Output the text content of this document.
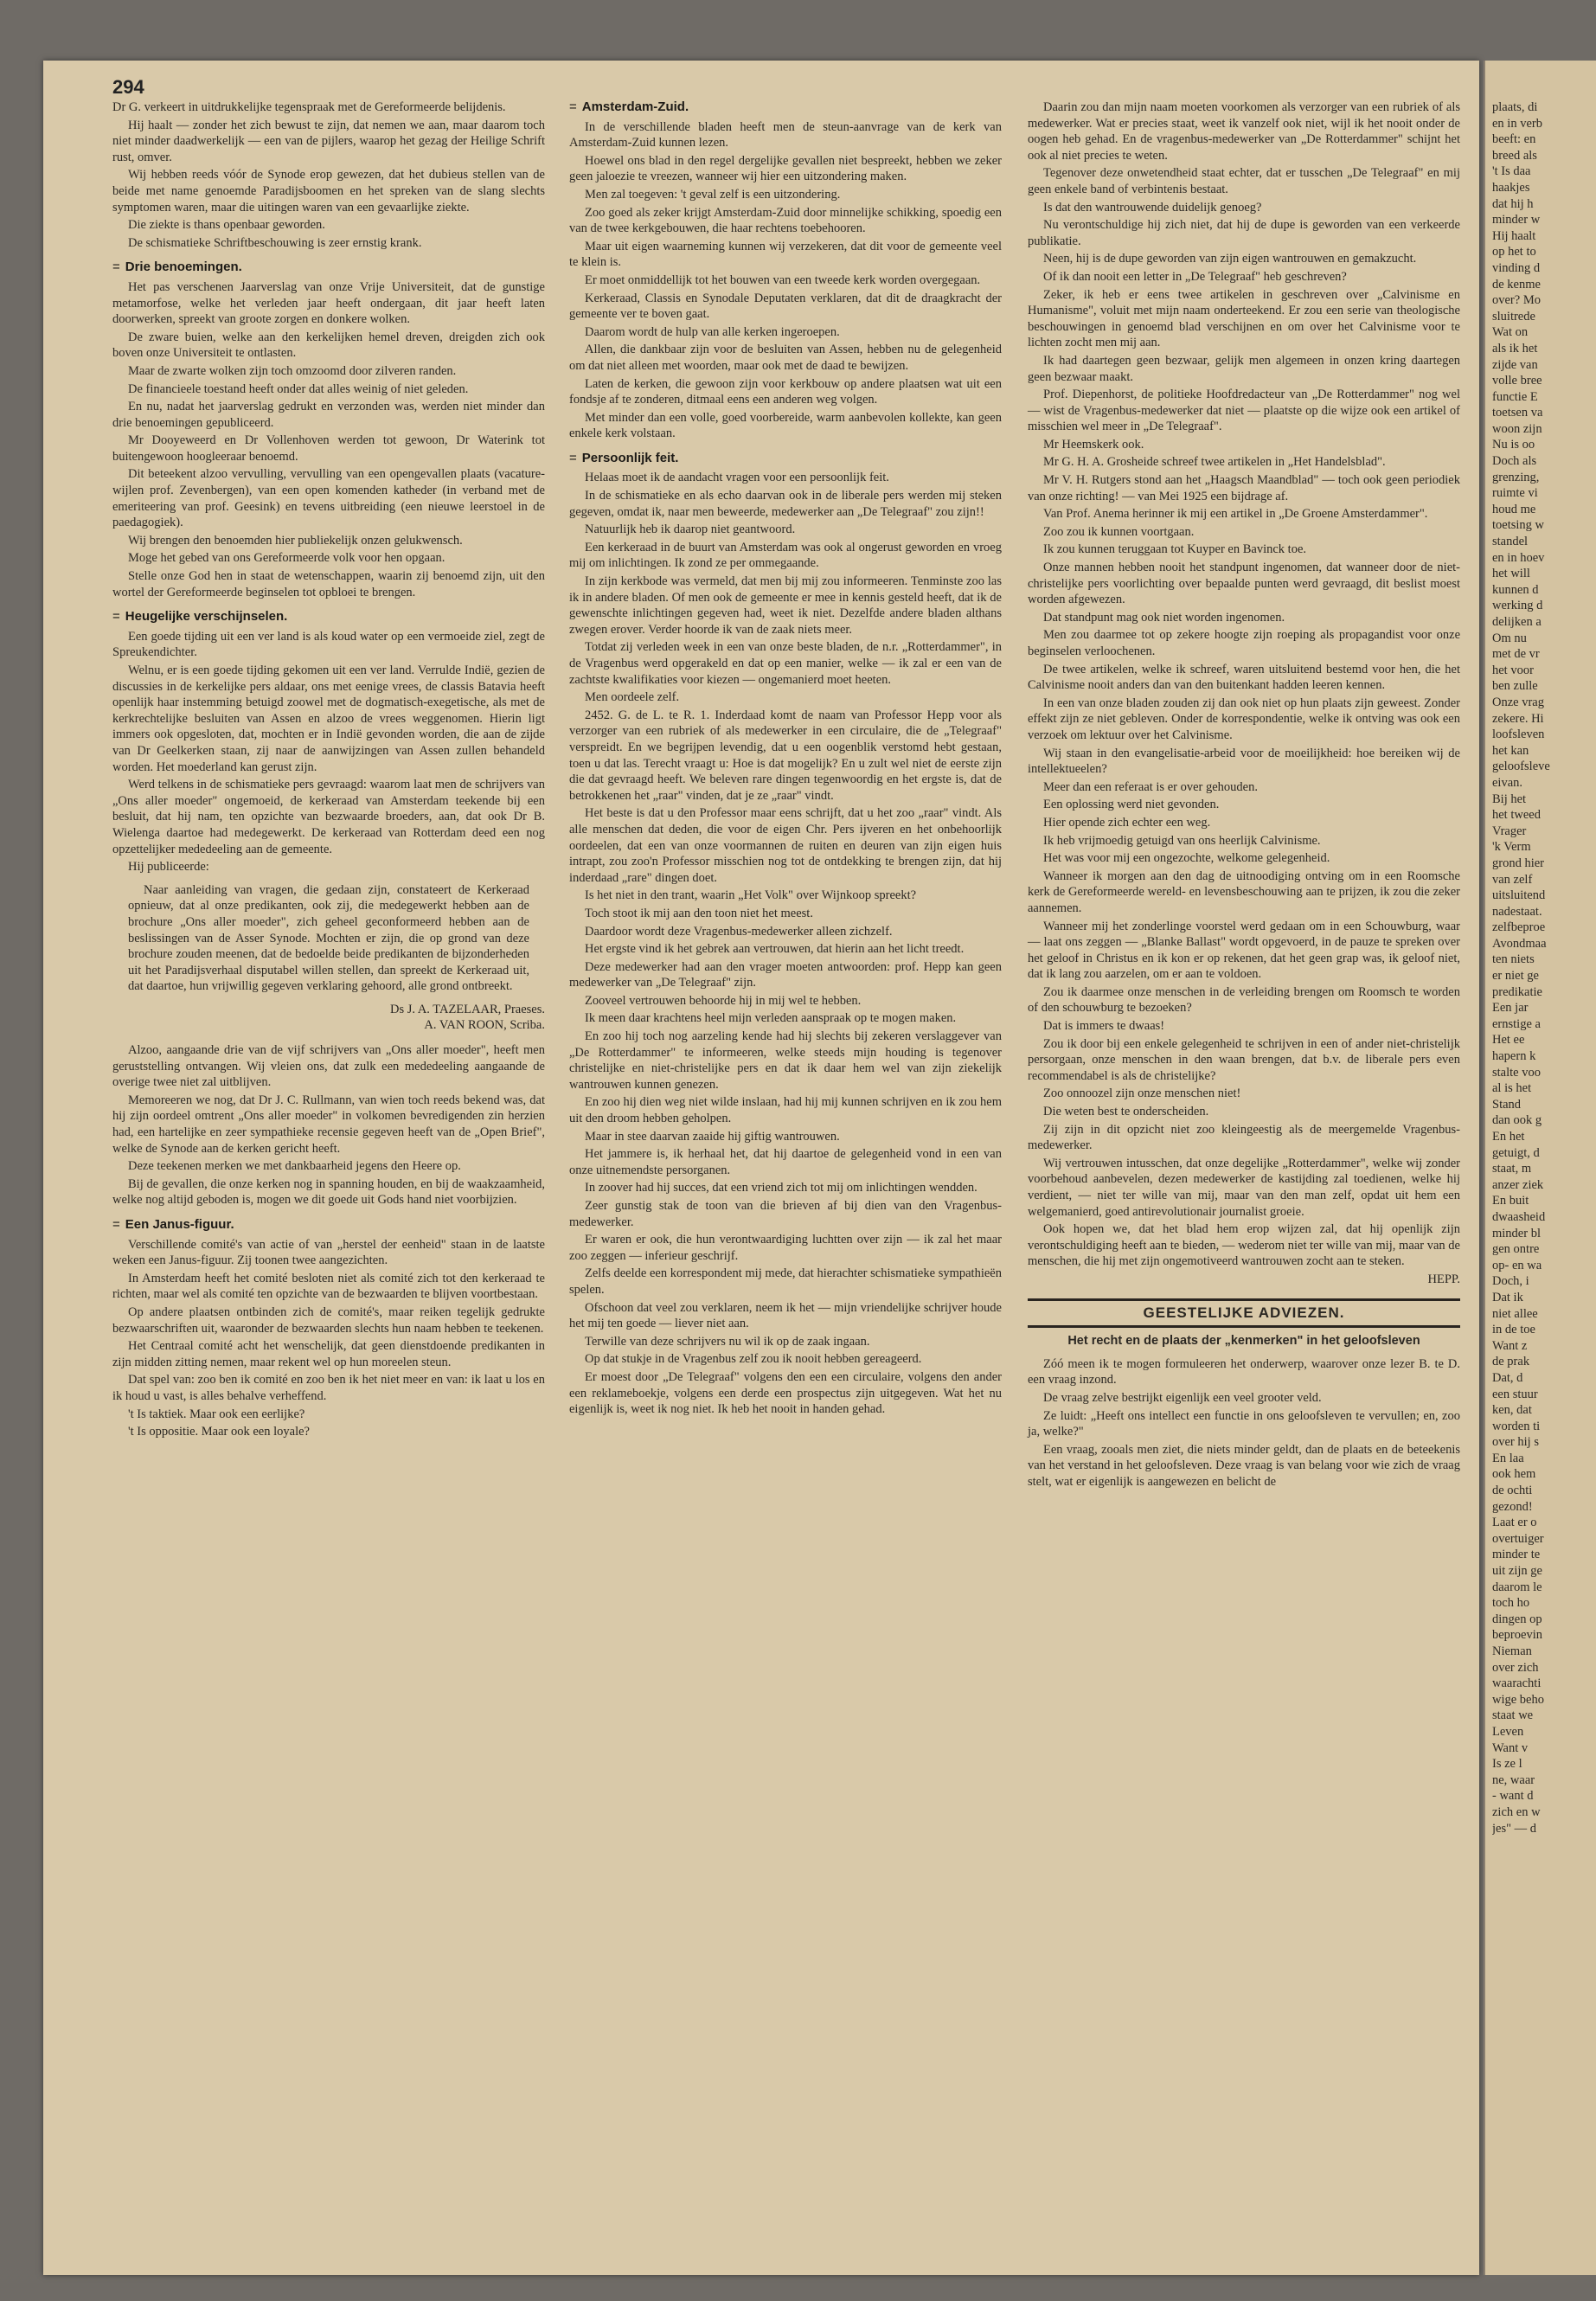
294

Dr G. verkeert in uitdrukkelijke tegenspraak met de Gereformeerde belijdenis.

Hij haalt — zonder het zich bewust te zijn, dat nemen we aan, maar daarom toch niet minder daadwerkelijk — een van de pijlers, waarop het gezag der Heilige Schrift rust, omver.

Wij hebben reeds vóór de Synode erop gewezen, dat het dubieus stellen van de beide met name genoemde Paradijsboomen en het spreken van de slang slechts symptomen waren, maar die uitingen waren van een gevaarlijke ziekte.

Die ziekte is thans openbaar geworden.

De schismatieke Schriftbeschouwing is zeer ernstig krank.

= Drie benoemingen.

Het pas verschenen Jaarverslag van onze Vrije Universiteit, dat de gunstige metamorfose, welke het verleden jaar heeft ondergaan, dit jaar heeft laten doorwerken, spreekt van groote zorgen en donkere wolken.

De zware buien, welke aan den kerkelijken hemel dreven, dreigden zich ook boven onze Universiteit te ontlasten.

Maar de zwarte wolken zijn toch omzoomd door zilveren randen.

De financieele toestand heeft onder dat alles weinig of niet geleden.

En nu, nadat het jaarverslag gedrukt en verzonden was, werden niet minder dan drie benoemingen gepubliceerd.

Mr Dooyeweerd en Dr Vollenhoven werden tot gewoon, Dr Waterink tot buitengewoon hoogleeraar benoemd.

Dit beteekent alzoo vervulling, vervulling van een opengevallen plaats (vacature-wijlen prof. Zevenbergen), van een open komenden katheder (in verband met de emeriteering van prof. Geesink) en tevens uitbreiding (een nieuwe leerstoel in de paedagogiek).

Wij brengen den benoemden hier publiekelijk onzen gelukwensch.

Moge het gebed van ons Gereformeerde volk voor hen opgaan.

Stelle onze God hen in staat de wetenschappen, waarin zij benoemd zijn, uit den wortel der Gereformeerde beginselen tot opbloei te brengen.

= Heugelijke verschijnselen.

Een goede tijding uit een ver land is als koud water op een vermoeide ziel, zegt de Spreukendichter.

Welnu, er is een goede tijding gekomen uit een ver land. Verrulde Indië, gezien de discussies in de kerkelijke pers aldaar, ons met eenige vrees, de classis Batavia heeft openlijk haar instemming betuigd zoowel met de dogmatisch-exegetische, als met de kerkrechtelijke besluiten van Assen en alzoo de vrees weggenomen. Hierin ligt immers ook opgesloten, dat, mochten er in Indië gevonden worden, die aan de zijde van Dr Geelkerken staan, zij naar de aanwijzingen van Assen zullen behandeld worden. Het moederland kan gerust zijn.

Werd telkens in de schismatieke pers gevraagd: waarom laat men de schrijvers van „Ons aller moeder" ongemoeid, de kerkeraad van Amsterdam teekende bij een besluit, dat hij nam, ten opzichte van bezwaarde broeders, aan, dat ook Dr B. Wielenga daartoe had medegewerkt. De kerkeraad van Rotterdam deed een nog opzettelijker mededeeling aan de gemeente.

Hij publiceerde:

Naar aanleiding van vragen, die gedaan zijn, constateert de Kerkeraad opnieuw, dat al onze predikanten, ook zij, die medegewerkt hebben aan de brochure „Ons aller moeder", zich geheel geconformeerd hebben aan de beslissingen van de Asser Synode. Mochten er zijn, die op grond van deze brochure zouden meenen, dat de bedoelde beide predikanten de bijzonderheden uit het Paradijsverhaal disputabel willen stellen, dan spreekt de Kerkeraad uit, dat daartoe, hun vrijwillig gegeven verklaring gehoord, alle grond ontbreekt.

Ds J. A. TAZELAAR, Praeses.
A. VAN ROON, Scriba.

Alzoo, aangaande drie van de vijf schrijvers van „Ons aller moeder", heeft men geruststelling ontvangen. Wij vleien ons, dat zulk een mededeeling aangaande de overige twee niet zal uitblijven.

Memoreeren we nog, dat Dr J. C. Rullmann, van wien toch reeds bekend was, dat hij zijn oordeel omtrent „Ons aller moeder" in volkomen bevredigenden zin herzien had, een hartelijke en zeer sympathieke recensie gegeven heeft van de „Open Brief", welke de Synode aan de kerken gericht heeft.

Deze teekenen merken we met dankbaarheid jegens den Heere op.

Bij de gevallen, die onze kerken nog in spanning houden, en bij de waakzaamheid, welke nog altijd geboden is, mogen we dit goede uit Gods hand niet voorbijzien.

= Een Janus-figuur.

Verschillende comité's van actie of van „herstel der eenheid" staan in de laatste weken een Janus-figuur. Zij toonen twee aangezichten.

In Amsterdam heeft het comité besloten niet als comité zich tot den kerkeraad te richten, maar wel als comité ten opzichte van de bezwaarden te blijven voortbestaan.

Op andere plaatsen ontbinden zich de comité's, maar reiken tegelijk gedrukte bezwaarschriften uit, waaronder de bezwaarden slechts hun naam hebben te teekenen.

Het Centraal comité acht het wenschelijk, dat geen dienstdoende predikanten in zijn midden zitting nemen, maar rekent wel op hun moreelen steun.

Dat spel van: zoo ben ik comité en zoo ben ik het niet meer en van: ik laat u los en ik houd u vast, is alles behalve verheffend.

't Is taktiek. Maar ook een eerlijke?

't Is oppositie. Maar ook een loyale?

= Amsterdam-Zuid.

In de verschillende bladen heeft men de steun-aanvrage van de kerk van Amsterdam-Zuid kunnen lezen.

Hoewel ons blad in den regel dergelijke gevallen niet bespreekt, hebben we zeker geen jaloezie te vreezen, wanneer wij hier een uitzondering maken.

Men zal toegeven: 't geval zelf is een uitzondering.

Zoo goed als zeker krijgt Amsterdam-Zuid door minnelijke schikking, spoedig een van de twee kerkgebouwen, die haar rechtens toebehooren.

Maar uit eigen waarneming kunnen wij verzekeren, dat dit voor de gemeente veel te klein is.

Er moet onmiddellijk tot het bouwen van een tweede kerk worden overgegaan.

Kerkeraad, Classis en Synodale Deputaten verklaren, dat dit de draagkracht der gemeente ver te boven gaat.

Daarom wordt de hulp van alle kerken ingeroepen.

Allen, die dankbaar zijn voor de besluiten van Assen, hebben nu de gelegenheid om dat niet alleen met woorden, maar ook met de daad te bewijzen.

Laten de kerken, die gewoon zijn voor kerkbouw op andere plaatsen wat uit een fondsje af te zonderen, ditmaal eens een anderen weg volgen.

Met minder dan een volle, goed voorbereide, warm aanbevolen kollekte, kan geen enkele kerk volstaan.

= Persoonlijk feit.

Helaas moet ik de aandacht vragen voor een persoonlijk feit.

In de schismatieke en als echo daarvan ook in de liberale pers werden mij steken gegeven, omdat ik, naar men beweerde, medewerker aan „De Telegraaf" zou zijn!!

Natuurlijk heb ik daarop niet geantwoord.

Een kerkeraad in de buurt van Amsterdam was ook al ongerust geworden en vroeg mij om inlichtingen. Ik zond ze per ommegaande.

In zijn kerkbode was vermeld, dat men bij mij zou informeeren. Tenminste zoo las ik in andere bladen. Of men ook de gemeente er mee in kennis gesteld heeft, dat ik de gewenschte inlichtingen gegeven had, weet ik niet. Dezelfde andere bladen althans zwegen erover. Verder hoorde ik van de zaak niets meer.

Totdat zij verleden week in een van onze beste bladen, de n.r. „Rotterdammer", in de Vragenbus werd opgerakeld en dat op een manier, welke — ik zal er een van de zachtste kwalifikaties voor kiezen — ongemanierd moet heeten.

Men oordeele zelf.

2452. G. de L. te R. 1. Inderdaad komt de naam van Professor Hepp voor als verzorger van een rubriek of als medewerker in een circulaire, die de „Telegraaf" verspreidt. En we begrijpen levendig, dat u een oogenblik verstomd hebt gestaan, toen u dat las. Terecht vraagt u: Hoe is dat mogelijk? En u zult wel niet de eerste zijn die dat gevraagd heeft. We beleven rare dingen tegenwoordig en het ergste is, dat de betrokkenen het „raar" vinden, dat je ze „raar" vindt.

Het beste is dat u den Professor maar eens schrijft, dat u het zoo „raar" vindt. Als alle menschen dat deden, die voor de eigen Chr. Pers ijveren en het onbehoorlijk oordeelen, dat een van onze voormannen de ruiten en deuren van zijn eigen huis intrapt, zou zoo'n Professor misschien nog tot de ontdekking te brengen zijn, dat hij inderdaad „rare" dingen doet.

Is het niet in den trant, waarin „Het Volk" over Wijnkoop spreekt?

Toch stoot ik mij aan den toon niet het meest.

Daardoor wordt deze Vragenbus-medewerker alleen zichzelf.

Het ergste vind ik het gebrek aan vertrouwen, dat hierin aan het licht treedt.

Deze medewerker had aan den vrager moeten antwoorden: prof. Hepp kan geen medewerker van „De Telegraaf" zijn.

Zooveel vertrouwen behoorde hij in mij wel te hebben.

Ik meen daar krachtens heel mijn verleden aanspraak op te mogen maken.

En zoo hij toch nog aarzeling kende had hij slechts bij zekeren verslaggever van „De Rotterdammer" te informeeren, welke steeds mijn houding is tegenover christelijke en niet-christelijke pers en dat ik daar hem wel van zijn ziekelijk wantrouwen kunnen genezen.

En zoo hij dien weg niet wilde inslaan, had hij mij kunnen schrijven en ik zou hem uit den droom hebben geholpen.

Maar in stee daarvan zaaide hij giftig wantrouwen.

Het jammere is, ik herhaal het, dat hij daartoe de gelegenheid vond in een van onze uitnemendste persorganen.

In zoover had hij succes, dat een vriend zich tot mij om inlichtingen wendden.

Zeer gunstig stak de toon van die brieven af bij dien van den Vragenbus-medewerker.

Er waren er ook, die hun verontwaardiging luchtten over zijn — ik zal het maar zoo zeggen — inferieur geschrijf.

Zelfs deelde een korrespondent mij mede, dat hierachter schismatieke sympathieën spelen.

Ofschoon dat veel zou verklaren, neem ik het — mijn vriendelijke schrijver houde het mij ten goede — liever niet aan.

Terwille van deze schrijvers nu wil ik op de zaak ingaan.

Op dat stukje in de Vragenbus zelf zou ik nooit hebben gereageerd.

Er moest door „De Telegraaf" volgens den een een circulaire, volgens den ander een reklameboekje, volgens een derde een prospectus zijn uitgegeven. Wat het nu eigenlijk is, weet ik nog niet. Ik heb het nooit in handen gehad.

Daarin zou dan mijn naam moeten voorkomen als verzorger van een rubriek of als medewerker. Wat er precies staat, weet ik vanzelf ook niet, wijl ik het nooit onder de oogen heb gehad. En de vragenbus-medewerker van „De Rotterdammer" schijnt het ook al niet precies te weten.

Tegenover deze onwetendheid staat echter, dat er tusschen „De Telegraaf" en mij geen enkele band of verbintenis bestaat.

Is dat den wantrouwende duidelijk genoeg?

Nu verontschuldige hij zich niet, dat hij de dupe is geworden van een verkeerde publikatie.

Neen, hij is de dupe geworden van zijn eigen wantrouwen en gemakzucht.

Of ik dan nooit een letter in „De Telegraaf" heb geschreven?

Zeker, ik heb er eens twee artikelen in geschreven over „Calvinisme en Humanisme", voluit met mijn naam onderteekend. Er zou een serie van theologische beschouwingen in genoemd blad verschijnen en om over het Calvinisme voor te lichten zocht men mij aan.

Ik had daartegen geen bezwaar, gelijk men algemeen in onzen kring daartegen geen bezwaar maakt.

Prof. Diepenhorst, de politieke Hoofdredacteur van „De Rotterdammer" nog wel — wist de Vragenbus-medewerker dat niet — plaatste op die wijze ook een artikel of misschien wel meer in „De Telegraaf".

Mr Heemskerk ook.

Mr G. H. A. Grosheide schreef twee artikelen in „Het Handelsblad".

Mr V. H. Rutgers stond aan het „Haagsch Maandblad" — toch ook geen periodiek van onze richting! — van Mei 1925 een bijdrage af.

Van Prof. Anema herinner ik mij een artikel in „De Groene Amsterdammer".

Zoo zou ik kunnen voortgaan.

Ik zou kunnen teruggaan tot Kuyper en Bavinck toe.

Onze mannen hebben nooit het standpunt ingenomen, dat wanneer door de niet-christelijke pers voorlichting over bepaalde punten werd gevraagd, dit beslist moest worden afgewezen.

Dat standpunt mag ook niet worden ingenomen.

Men zou daarmee tot op zekere hoogte zijn roeping als propagandist voor onze beginselen verloochenen.

De twee artikelen, welke ik schreef, waren uitsluitend bestemd voor hen, die het Calvinisme nooit anders dan van den buitenkant hadden leeren kennen.

In een van onze bladen zouden zij dan ook niet op hun plaats zijn geweest. Zonder effekt zijn ze niet gebleven. Onder de korrespondentie, welke ik ontving was ook een verzoek om lektuur over het Calvinisme.

Wij staan in den evangelisatie-arbeid voor de moeilijkheid: hoe bereiken wij de intellektueelen?

Meer dan een referaat is er over gehouden.

Een oplossing werd niet gevonden.

Hier opende zich echter een weg.

Ik heb vrijmoedig getuigd van ons heerlijk Calvinisme.

Het was voor mij een ongezochte, welkome gelegenheid.

Wanneer ik morgen aan den dag de uitnoodiging ontving om in een Roomsche kerk de Gereformeerde wereld- en levensbeschouwing aan te prijzen, ik zou die zeker aannemen.

Wanneer mij het zonderlinge voorstel werd gedaan om in een Schouwburg, waar — laat ons zeggen — „Blanke Ballast" wordt opgevoerd, in de pauze te spreken over het geloof in Christus en ik kon er op rekenen, dat het geen grap was, ik geloof niet, dat ik lang zou aarzelen, om er aan te voldoen.

Zou ik daarmee onze menschen in de verleiding brengen om Roomsch te worden of den schouwburg te bezoeken?

Dat is immers te dwaas!

Zou ik door bij een enkele gelegenheid te schrijven in een of ander niet-christelijk persorgaan, onze menschen in den waan brengen, dat b.v. de liberale pers even recommendabel is als de christelijke?

Zoo onnoozel zijn onze menschen niet!

Die weten best te onderscheiden.

Zij zijn in dit opzicht niet zoo kleingeestig als de meergemelde Vragenbus-medewerker.

Wij vertrouwen intusschen, dat onze degelijke „Rotterdammer", welke wij zonder voorbehoud aanbevelen, dezen medewerker de kastijding zal toedienen, welke hij verdient, — niet ter wille van mij, maar van den man zelf, opdat uit hem een welgemanierd, goed antirevolutionair journalist groeie.

Ook hopen we, dat het blad hem erop wijzen zal, dat hij openlijk zijn verontschuldiging heeft aan te bieden, — wederom niet ter wille van mij, maar van de menschen, die hij met zijn ongemotiveerd wantrouwen zocht aan te steken.

HEPP.

GEESTELIJKE ADVIEZEN.
Het recht en de plaats der „kenmerken" in het geloofsleven

Zóó meen ik te mogen formuleeren het onderwerp, waarover onze lezer B. te D. een vraag inzond.

De vraag zelve bestrijkt eigenlijk een veel grooter veld.

Ze luidt: „Heeft ons intellect een functie in ons geloofsleven te vervullen; en, zoo ja, welke?"

Een vraag, zooals men ziet, die niets minder geldt, dan de plaats en de beteekenis van het verstand in het geloofsleven. Deze vraag is van belang voor wie zich de vraag stelt, wat er eigenlijk is aangewezen en belicht de

plaats, di
en in verb
beeft: en
breed als
't Is daa
haakjes
dat hij h
minder w
Hij haalt
op het to
vinding d
de kenme
over? Mo
sluitrede
Wat on
als ik het
zijde van
volle bree
functie E
toetsen va
woon zijn
Nu is oo
Doch als
grenzing,
ruimte vi
houd me
toetsing w
standel
en in hoev
het will
kunnen d
werking d
delijken a
Om nu
met de vr
het voor
ben zulle
Onze vrag
zekere. Hi
loofsleven
het kan
geloofsleve
eivan.
Bij het
het tweed
Vrager
'k Verm
grond hier
van zelf
uitsluitend
nadestaat.
zelfbeproe
Avondmaa
ten niets
er niet ge
predikatie
Een jar
ernstige a
Het ee
hapern k
stalte voo
al is het
Stand
dan ook g
En het
getuigt, d
staat, m
anzer ziek
En buit
dwaasheid
minder bl
gen ontre
op- en wa
Doch, i
Dat ik
niet allee
in de toe
Want z
de prak
Dat, d
een stuur
ken, dat
worden ti
over hij s
En laa
ook hem
de ochti
gezond!
Laat er o
overtuiger
minder te
uit zijn ge
daarom le
toch ho
dingen op
beproevin
Nieman
over zich
waarachti
wige beho
staat we
Leven
Want v
Is ze l
ne, waar
- want d
zich en w
jes" — d
